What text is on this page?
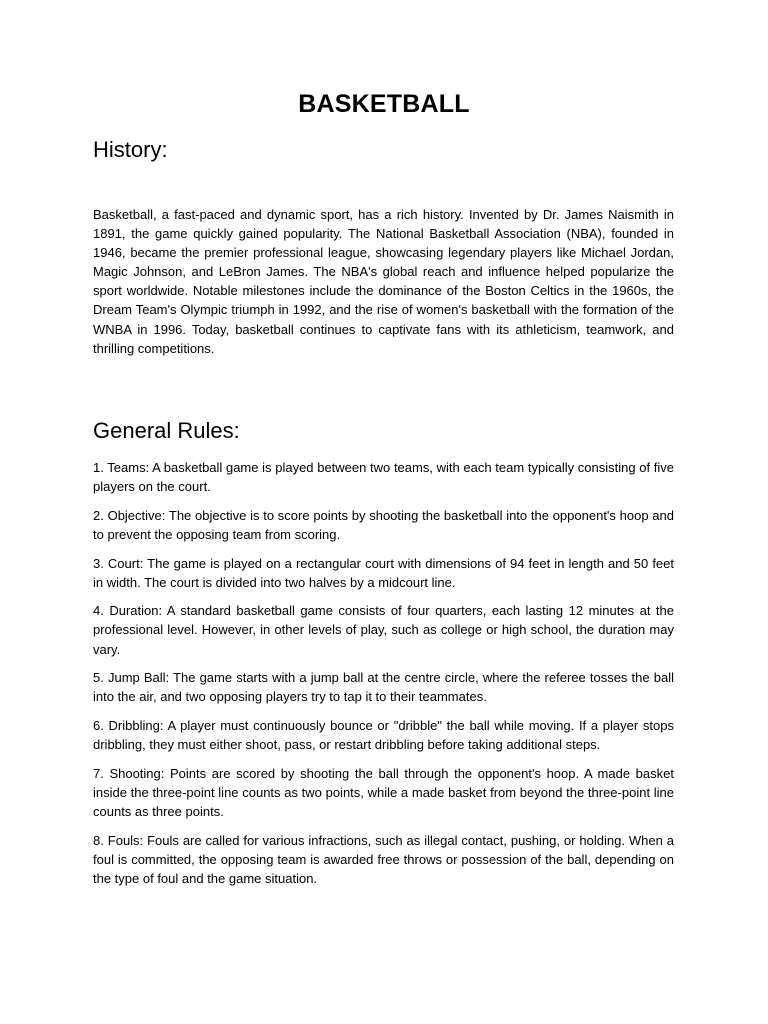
BASKETBALL
History:

Basketball, a fast-paced and dynamic sport, has a rich history. Invented by Dr. James Naismith in 1891, the game quickly gained popularity. The National Basketball Association (NBA), founded in 1946, became the premier professional league, showcasing legendary players like Michael Jordan, Magic Johnson, and LeBron James. The NBA's global reach and influence helped popularize the sport worldwide. Notable milestones include the dominance of the Boston Celtics in the 1960s, the Dream Team's Olympic triumph in 1992, and the rise of women's basketball with the formation of the WNBA in 1996. Today, basketball continues to captivate fans with its athleticism, teamwork, and thrilling competitions.

General Rules:
1. Teams: A basketball game is played between two teams, with each team typically consisting of five players on the court.
2. Objective: The objective is to score points by shooting the basketball into the opponent's hoop and to prevent the opposing team from scoring.
3. Court: The game is played on a rectangular court with dimensions of 94 feet in length and 50 feet in width. The court is divided into two halves by a midcourt line.
4. Duration: A standard basketball game consists of four quarters, each lasting 12 minutes at the professional level. However, in other levels of play, such as college or high school, the duration may vary.
5. Jump Ball: The game starts with a jump ball at the centre circle, where the referee tosses the ball into the air, and two opposing players try to tap it to their teammates.
6. Dribbling: A player must continuously bounce or "dribble" the ball while moving. If a player stops dribbling, they must either shoot, pass, or restart dribbling before taking additional steps.
7. Shooting: Points are scored by shooting the ball through the opponent's hoop. A made basket inside the three-point line counts as two points, while a made basket from beyond the three-point line counts as three points.
8. Fouls: Fouls are called for various infractions, such as illegal contact, pushing, or holding. When a foul is committed, the opposing team is awarded free throws or possession of the ball, depending on the type of foul and the game situation.
